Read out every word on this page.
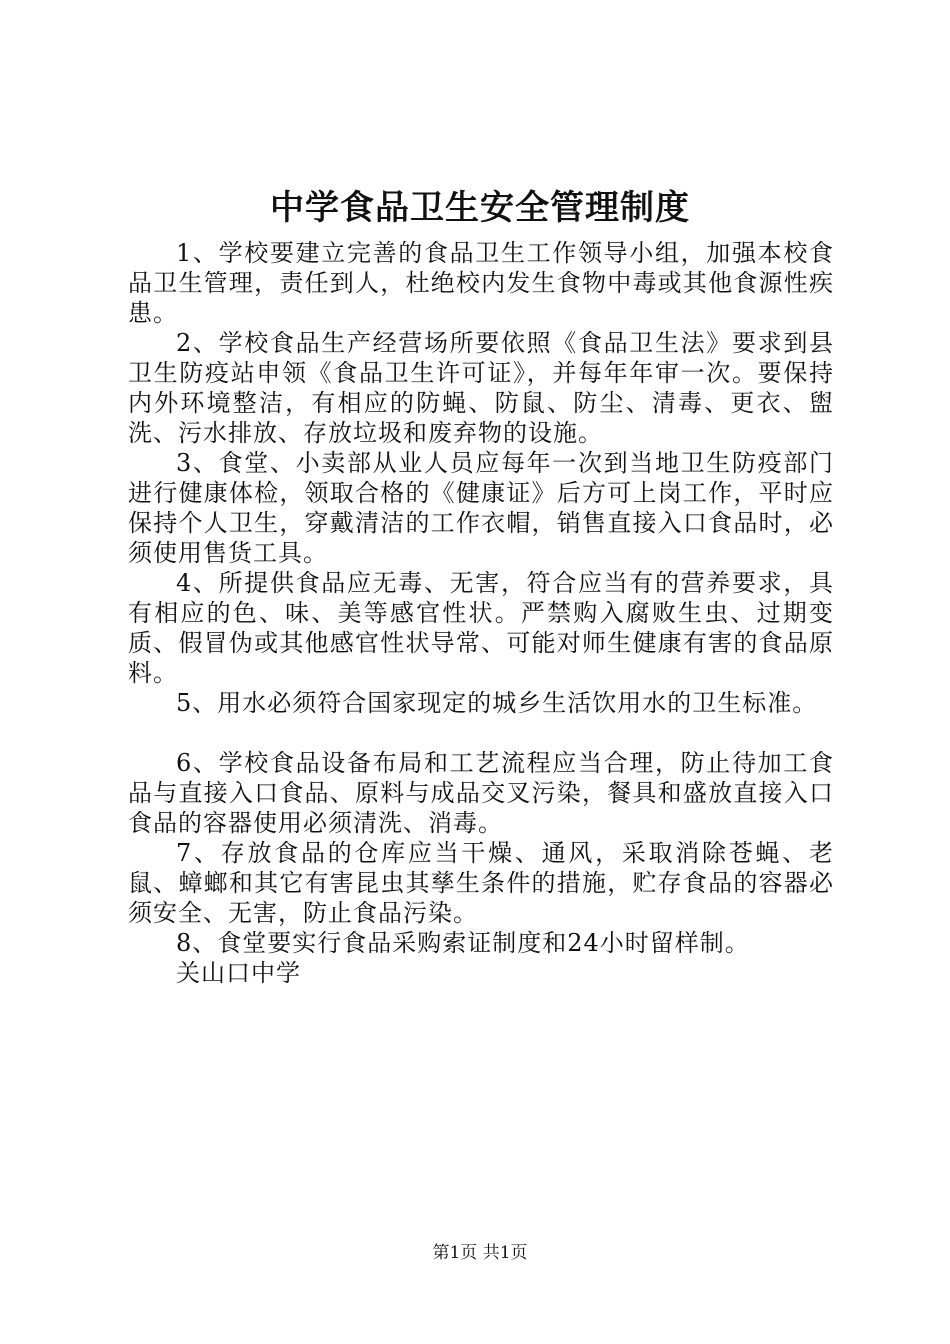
中学食品卫生安全管理制度

1、学校要建立完善的食品卫生工作领导小组，加强本校食品卫生管理，责任到人，杜绝校内发生食物中毒或其他食源性疾患。

2、学校食品生产经营场所要依照《食品卫生法》要求到县卫生防疫站申领《食品卫生许可证》，并每年年审一次。要保持内外环境整洁，有相应的防蝇、防鼠、防尘、清毒、更衣、盥洗、污水排放、存放垃圾和废弃物的设施。

3、食堂、小卖部从业人员应每年一次到当地卫生防疫部门进行健康体检，领取合格的《健康证》后方可上岗工作，平时应保持个人卫生，穿戴清洁的工作衣帽，销售直接入口食品时，必须使用售货工具。

4、所提供食品应无毒、无害，符合应当有的营养要求，具有相应的色、味、美等感官性状。严禁购入腐败生虫、过期变质、假冒伪或其他感官性状导常、可能对师生健康有害的食品原料。

5、用水必须符合国家现定的城乡生活饮用水的卫生标准。

6、学校食品设备布局和工艺流程应当合理，防止待加工食品与直接入口食品、原料与成品交叉污染，餐具和盛放直接入口食品的容器使用必须清洗、消毒。

7、存放食品的仓库应当干燥、通风，采取消除苍蝇、老鼠、蟑螂和其它有害昆虫其孳生条件的措施，贮存食品的容器必须安全、无害，防止食品污染。

8、食堂要实行食品采购索证制度和24小时留样制。

关山口中学

第1页 共1页
